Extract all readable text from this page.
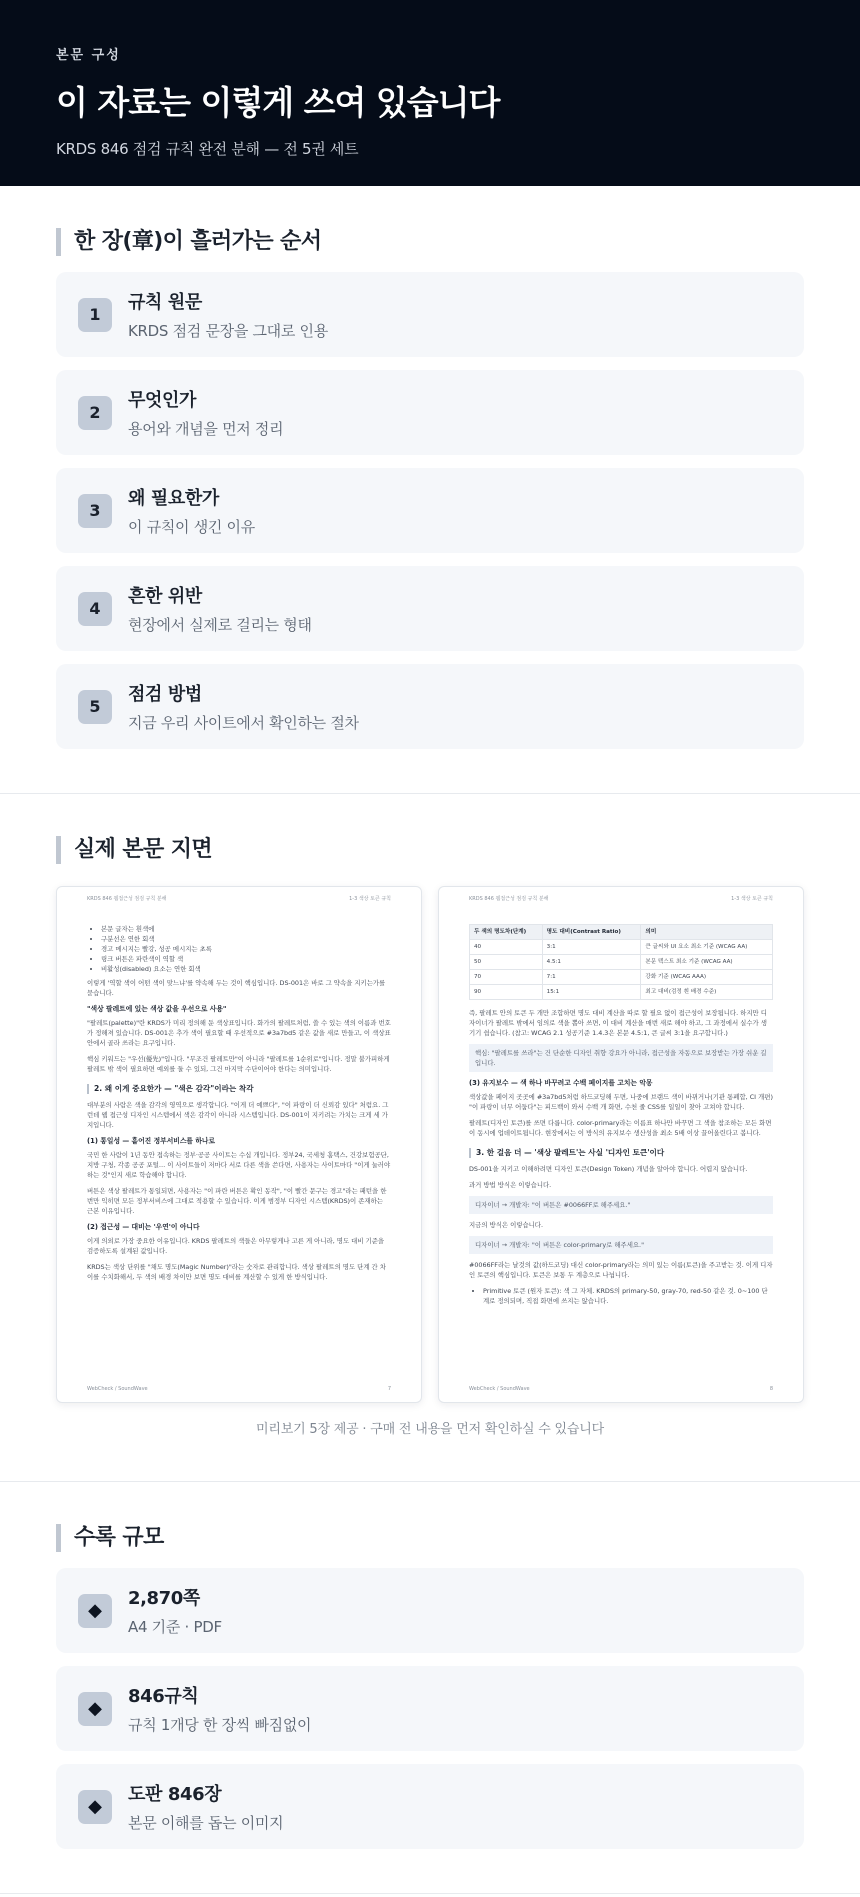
본문 구성
이 자료는 이렇게 쓰여 있습니다
KRDS 846 점검 규칙 완전 분해 — 전 5권 세트
한 장(章)이 흘러가는 순서
1
규칙 원문
KRDS 점검 문장을 그대로 인용
2
무엇인가
용어와 개념을 먼저 정리
3
왜 필요한가
이 규칙이 생긴 이유
4
흔한 위반
현장에서 실제로 걸리는 형태
5
점검 방법
지금 우리 사이트에서 확인하는 절차
실제 본문 지면
KRDS 846 웹접근성 점검 규칙 분해	1-3 색상 토큰 규칙
• 본문 글자는 흰색에
• 구분선은 연한 회색
• 경고 메시지는 빨강, 성공 메시지는 초록
• 링크 버튼은 파란색이 역할 색
• 비활성(disabled) 요소는 연한 회색

이렇게 '역할 색이 어떤 색이 맞느냐'를 약속해 두는 것이 핵심입니다. DS-001은 바로 그 약속을 지키는가를 묻습니다.

"색상 팔레트에 있는 색상 값을 우선으로 사용"

"팔레트(palette)"란 KRDS가 미리 정의해 둔 색상표입니다. 화가의 팔레트처럼, 쓸 수 있는 색의 이름과 번호가 정해져 있습니다. DS-001은 추가 색이 필요할 때 우선적으로 #3a7bd5 같은 값을 새로 만들고, 이 색상표 안에서 골라 쓰라는 요구입니다.

핵심 키워드는 "우선(優先)"입니다. "무조건 팔레트만"이 아니라 "팔레트를 1순위로"입니다. 정말 불가피하게 팔레트 밖 색이 필요하면 예외를 둘 수 있되, 그건 마지막 수단이어야 한다는 의미입니다.

2. 왜 이게 중요한가 — "색은 감각"이라는 착각

대부분의 사람은 색을 감각의 영역으로 생각합니다. "이게 더 예쁘다", "이 파랑이 더 신뢰감 있다" 처럼요. 그런데 웹 접근성 디자인 시스템에서 색은 감각이 아니라 시스템입니다. DS-001이 지키려는 가치는 크게 세 가지입니다.

(1) 통일성 — 흩어진 정부서비스를 하나로

국민 한 사람이 1년 동안 접속하는 정부·공공 사이트는 수십 개입니다. 정부24, 국세청 홈택스, 건강보험공단, 지방 구청, 각종 공공 포털… 이 사이트들이 저마다 서로 다른 색을 쓴다면, 사용자는 사이트마다 "이게 눌러야 하는 것"인지 새로 학습해야 합니다.

버튼은 색상 팔레트가 통일되면, 사용자는 "이 파란 버튼은 확인 동작", "이 빨간 문구는 경고"라는 패턴을 한 번만 익히면 모든 정부서비스에 그대로 적용할 수 있습니다. 이게 범정부 디자인 시스템(KRDS)이 존재하는 근본 이유입니다.

(2) 접근성 — 대비는 '우연'이 아니다

이게 의외로 가장 중요한 이유입니다. KRDS 팔레트의 색들은 아무렇게나 고른 게 아니라, 명도 대비 기준을 검증하도록 설계된 값입니다.

KRDS는 색상 단위를 "채도 명도(Magic Number)"라는 숫자로 관리합니다. 색상 팔레트의 명도 단계 간 차이를 수치화해서, 두 색의 배경 차이만 보면 명도 대비를 계산할 수 있게 한 방식입니다.

WebCheck / SoundWave	7
KRDS 846 웹접근성 점검 규칙 분해	1-3 색상 토큰 규칙
두 색의 명도차(단계)	명도 대비(Contrast Ratio)	의미
40	3:1	큰 글씨와 UI 요소 최소 기준 (WCAG AA)
50	4.5:1	본문 텍스트 최소 기준 (WCAG AA)
70	7:1	강화 기준 (WCAG AAA)
90	15:1	최고 대비(검정 흰 배경 수준)

즉, 팔레트 안의 토큰 두 개만 조합하면 명도 대비 계산을 따로 할 필요 없이 접근성이 보장됩니다. 하지만 디자이너가 팔레트 밖에서 임의로 색을 뽑아 쓰면, 이 대비 계산을 매번 새로 해야 하고, 그 과정에서 실수가 생기기 쉽습니다. (참고: WCAG 2.1 성공기준 1.4.3은 본문 4.5:1, 큰 글씨 3:1을 요구합니다.)

핵심: "팔레트를 쓰라"는 건 단순한 디자인 취향 강요가 아니라, 접근성을 자동으로 보장받는 가장 쉬운 길입니다.
(3) 유지보수 — 색 하나 바꾸려고 수백 페이지를 고치는 악몽

색상값을 페이지 곳곳에 #3a7bd5처럼 하드코딩해 두면, 나중에 브랜드 색이 바뀌거나(기관 통폐합, CI 개편) "이 파랑이 너무 어둡다"는 피드백이 와서 수백 개 화면, 수천 줄 CSS를 일일이 찾아 고쳐야 합니다.

팔레트(디자인 토큰)를 쓰면 다릅니다. color-primary라는 이름표 하나만 바꾸면 그 색을 참조하는 모든 화면이 동시에 업데이트됩니다. 현장에서는 이 방식의 유지보수 생산성을 최소 5배 이상 끌어올린다고 봅니다.

3. 한 걸음 더 — '색상 팔레트'는 사실 '디자인 토큰'이다

DS-001을 지키고 이해하려면 디자인 토큰(Design Token) 개념을 알아야 합니다. 어렵지 않습니다.

과거 방법 방식은 이렇습니다.

디자이너 → 개발자: "이 버튼은 #0066FF로 해주세요."

지금의 방식은 이렇습니다.

디자이너 → 개발자: "이 버튼은 color-primary로 해주세요."

#0066FF라는 날것의 값(하드코딩) 대신 color-primary라는 의미 있는 이름(토큰)을 주고받는 것. 이게 디자인 토큰의 핵심입니다. 토큰은 보통 두 계층으로 나뉩니다.

• Primitive 토큰 (원자 토큰): 색 그 자체. KRDS의 primary-50, gray-70, red-50 같은 것. 0~100 단계로 정의되며, 직접 화면에 쓰지는 않습니다.
WebCheck / SoundWave	8
미리보기 5장 제공 · 구매 전 내용을 먼저 확인하실 수 있습니다
수록 규모
◆
2,870쪽
A4 기준 · PDF
◆
846규칙
규칙 1개당 한 장씩 빠짐없이
◆
도판 846장
본문 이해를 돕는 이미지
